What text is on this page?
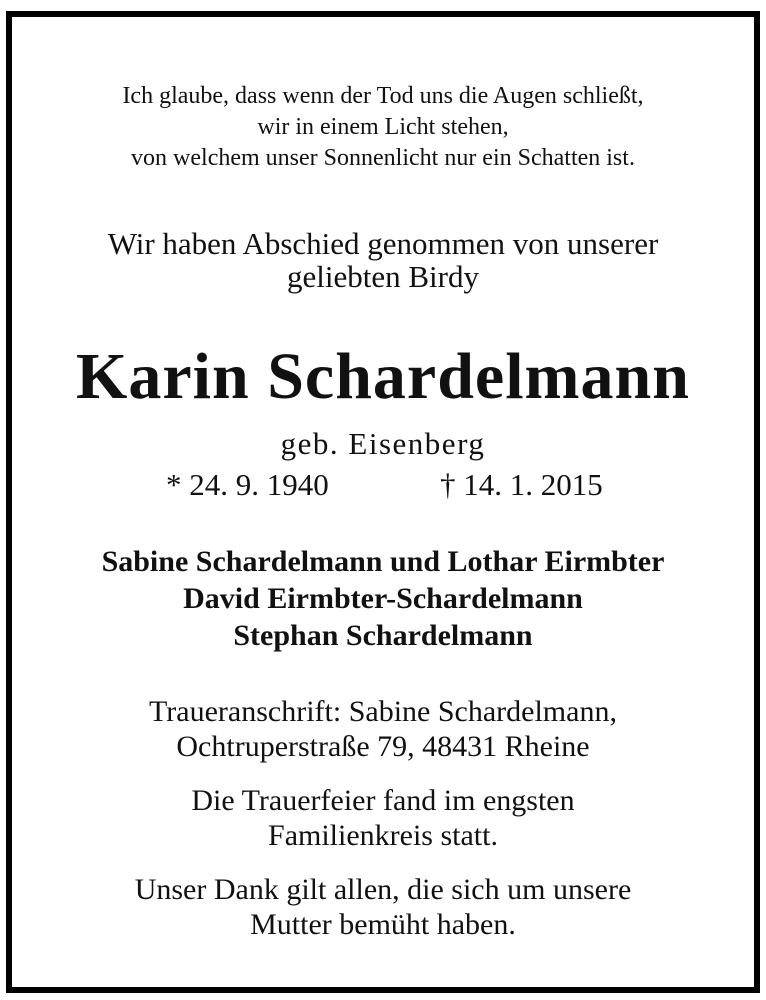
Ich glaube, dass wenn der Tod uns die Augen schließt,
wir in einem Licht stehen,
von welchem unser Sonnenlicht nur ein Schatten ist.
Wir haben Abschied genommen von unserer
geliebten Birdy
Karin Schardelmann
geb. Eisenberg
* 24. 9. 1940	† 14. 1. 2015
Sabine Schardelmann und Lothar Eirmbter
David Eirmbter-Schardelmann
Stephan Schardelmann
Traueranschrift: Sabine Schardelmann,
Ochtruperstraße 79, 48431 Rheine
Die Trauerfeier fand im engsten
Familienkreis statt.
Unser Dank gilt allen, die sich um unsere
Mutter bemüht haben.
